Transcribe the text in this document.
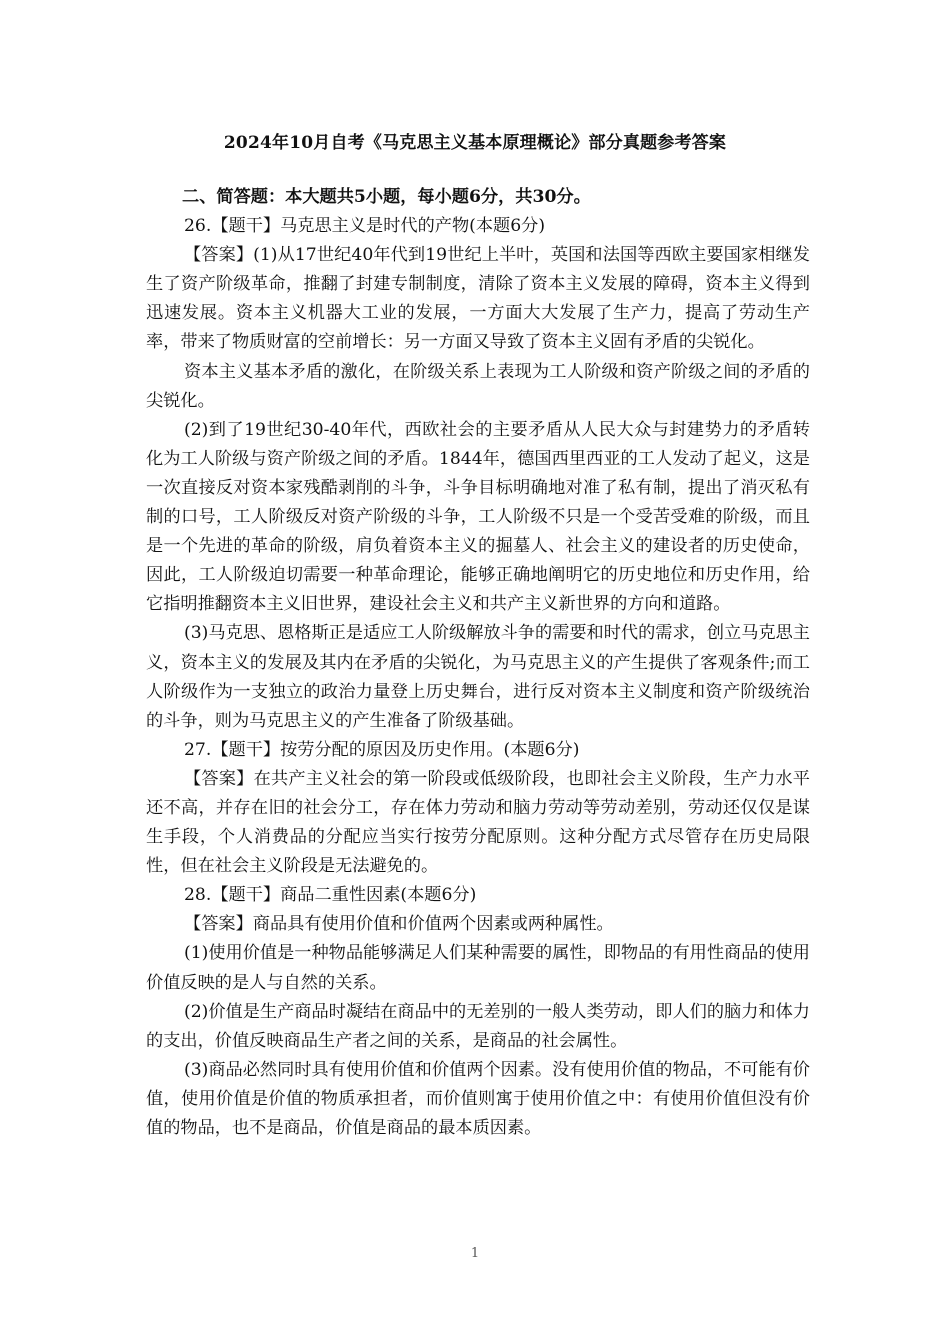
2024年10月自考《马克思主义基本原理概论》部分真题参考答案
二、简答题：本大题共5小题，每小题6分，共30分。

26.【题干】马克思主义是时代的产物(本题6分)

【答案】(1)从17世纪40年代到19世纪上半叶，英国和法国等西欧主要国家相继发生了资产阶级革命，推翻了封建专制制度，清除了资本主义发展的障碍，资本主义得到迅速发展。资本主义机器大工业的发展，一方面大大发展了生产力，提高了劳动生产率，带来了物质财富的空前增长：另一方面又导致了资本主义固有矛盾的尖锐化。

资本主义基本矛盾的激化，在阶级关系上表现为工人阶级和资产阶级之间的矛盾的尖锐化。

(2)到了19世纪30-40年代，西欧社会的主要矛盾从人民大众与封建势力的矛盾转化为工人阶级与资产阶级之间的矛盾。1844年，德国西里西亚的工人发动了起义，这是一次直接反对资本家残酷剥削的斗争，斗争目标明确地对准了私有制，提出了消灭私有制的口号，工人阶级反对资产阶级的斗争，工人阶级不只是一个受苦受难的阶级，而且是一个先进的革命的阶级，肩负着资本主义的掘墓人、社会主义的建设者的历史使命，因此，工人阶级迫切需要一种革命理论，能够正确地阐明它的历史地位和历史作用，给它指明推翻资本主义旧世界，建设社会主义和共产主义新世界的方向和道路。

(3)马克思、恩格斯正是适应工人阶级解放斗争的需要和时代的需求，创立马克思主义，资本主义的发展及其内在矛盾的尖锐化，为马克思主义的产生提供了客观条件;而工人阶级作为一支独立的政治力量登上历史舞台，进行反对资本主义制度和资产阶级统治的斗争，则为马克思主义的产生准备了阶级基础。

27.【题干】按劳分配的原因及历史作用。(本题6分)

【答案】在共产主义社会的第一阶段或低级阶段，也即社会主义阶段，生产力水平还不高，并存在旧的社会分工，存在体力劳动和脑力劳动等劳动差别，劳动还仅仅是谋生手段，个人消费品的分配应当实行按劳分配原则。这种分配方式尽管存在历史局限性，但在社会主义阶段是无法避免的。

28.【题干】商品二重性因素(本题6分)

【答案】商品具有使用价值和价值两个因素或两种属性。

(1)使用价值是一种物品能够满足人们某种需要的属性，即物品的有用性商品的使用价值反映的是人与自然的关系。

(2)价值是生产商品时凝结在商品中的无差别的一般人类劳动，即人们的脑力和体力的支出，价值反映商品生产者之间的关系，是商品的社会属性。

(3)商品必然同时具有使用价值和价值两个因素。没有使用价值的物品，不可能有价值，使用价值是价值的物质承担者，而价值则寓于使用价值之中：有使用价值但没有价值的物品，也不是商品，价值是商品的最本质因素。

1
